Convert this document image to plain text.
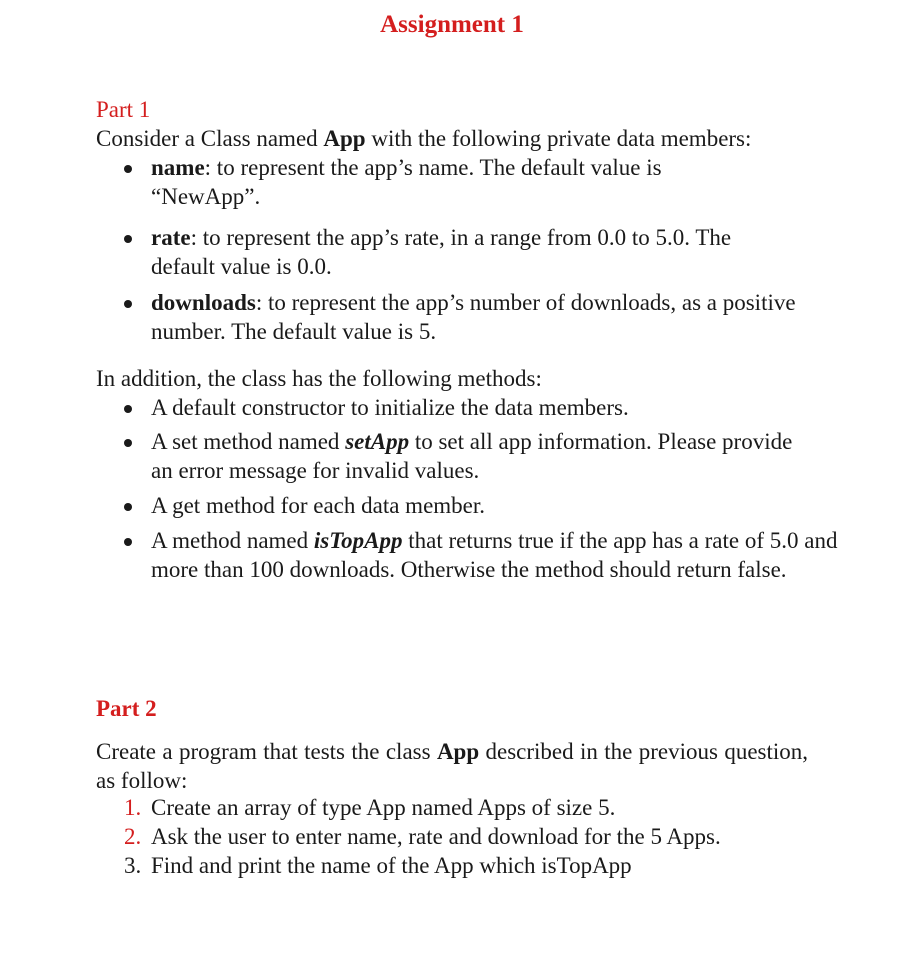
Assignment 1
Part 1
Consider a Class named App with the following private data members:
name: to represent the app’s name. The default value is “NewApp”.
rate: to represent the app’s rate, in a range from 0.0 to 5.0. The default value is 0.0.
downloads: to represent the app’s number of downloads, as a positive number. The default value is 5.
In addition, the class has the following methods:
A default constructor to initialize the data members.
A set method named setApp to set all app information. Please provide an error message for invalid values.
A get method for each data member.
A method named isTopApp that returns true if the app has a rate of 5.0 and more than 100 downloads. Otherwise the method should return false.
Part 2
Create a program that tests the class App described in the previous question, as follow:
1. Create an array of type App named Apps of size 5.
2. Ask the user to enter name, rate and download for the 5 Apps.
3. Find and print the name of the App which isTopApp
